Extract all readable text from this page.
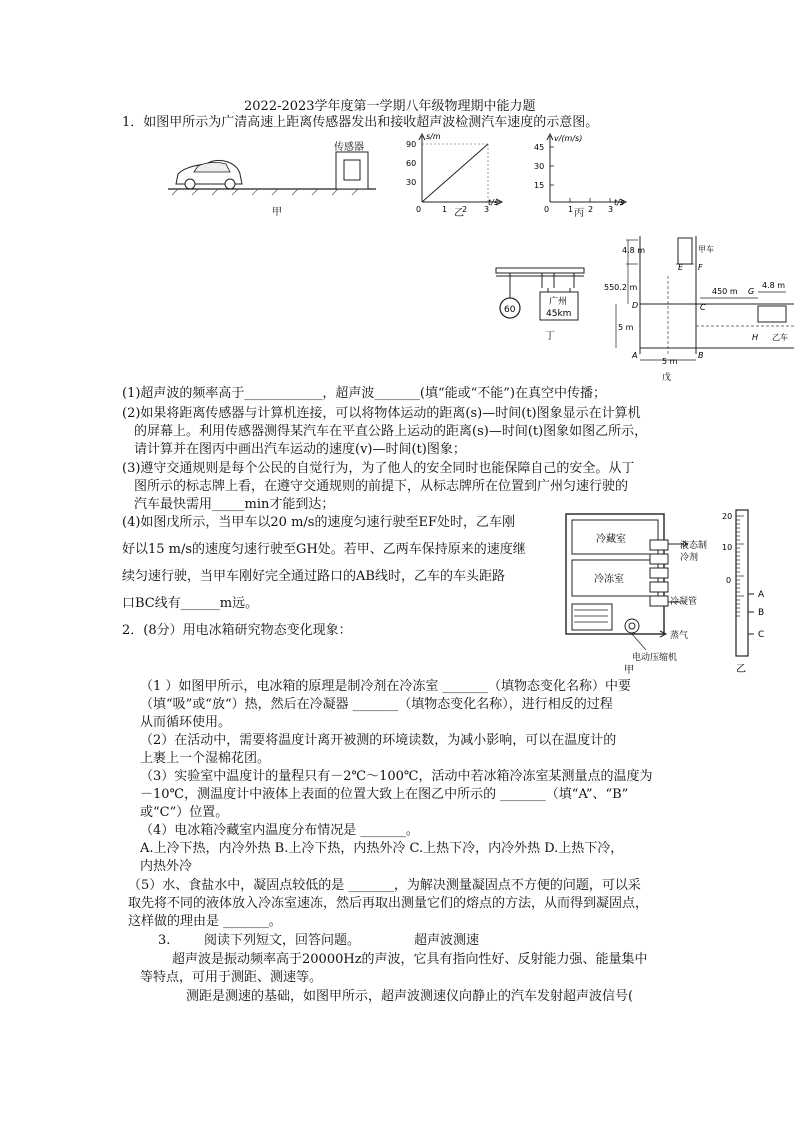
2022-2023学年度第一学期八年级物理期中能力题
1．如图甲所示为广清高速上距离传感器发出和接收超声波检测汽车速度的示意图。
传感器
甲
s/m
t/s
90
60
30
0	1 2 3
乙
v/(m/s)
t/s
45
30
15
0 1 2 3
丙
60
广州
45km
丁
4.8 m
550.2 m	450 m
4.8 m
5 m
5 m
甲车
乙车
E F
D	C
G
H
A	B
戊
(1)超声波的频率高于____________，超声波_______(填“能或“不能”)在真空中传播；
(2)如果将距离传感器与计算机连接，可以将物体运动的距离(s)—时间(t)图象显示在计算机
的屏幕上。利用传感器测得某汽车在平直公路上运动的距离(s)—时间(t)图象如图乙所示，
请计算并在图丙中画出汽车运动的速度(v)—时间(t)图象；
(3)遵守交通规则是每个公民的自觉行为，为了他人的安全同时也能保障自己的安全。从丁
图所示的标志牌上看，在遵守交通规则的前提下，从标志牌所在位置到广州匀速行驶的
汽车最快需用_____min才能到达；
(4)如图戊所示，当甲车以20 m/s的速度匀速行驶至EF处时，乙车刚
好以15 m/s的速度匀速行驶至GH处。若甲、乙两车保持原来的速度继
续匀速行驶，当甲车刚好完全通过路口的AB线时，乙车的车头距路
口BC线有______m远。
2．(8分）用电冰箱研究物态变化现象：
冷藏室
冷冻室
液态制
冷剂
冷凝管
蒸气
电动压缩机
甲
20
10
0
A
B
C
乙
（1 ）如图甲所示，电冰箱的原理是制冷剂在冷冻室 _______（填物态变化名称）中要
（填“吸”或“放“）热，然后在冷凝器 _______（填物态变化名称），进行相反的过程
从而循环使用。
（2）在活动中，需要将温度计离开被测的环境读数，为减小影响，可以在温度计的
上裹上一个湿棉花团。
（3）实验室中温度计的量程只有－2℃～100℃，活动中若冰箱冷冻室某测量点的温度为
－10℃，测温度计中液体上表面的位置大致上在图乙中所示的 _______（填“A”、“B”
或“C”）位置。
（4）电冰箱冷藏室内温度分布情况是 _______。
A.上冷下热，内冷外热 B.上冷下热，内热外冷 C.上热下冷，内冷外热 D.上热下冷，
内热外冷
（5）水、食盐水中，凝固点较低的是 _______，为解决测量凝固点不方便的问题，可以采
取先将不同的液体放入冷冻室速冻，然后再取出测量它们的熔点的方法，从而得到凝固点，
这样做的理由是 _______。
3.	阅读下列短文，回答问题。	超声波测速
超声波是振动频率高于20000Hz的声波，它具有指向性好、反射能力强、能量集中
等特点，可用于测距、测速等。
测距是测速的基础，如图甲所示，超声波测速仪向静止的汽车发射超声波信号(
